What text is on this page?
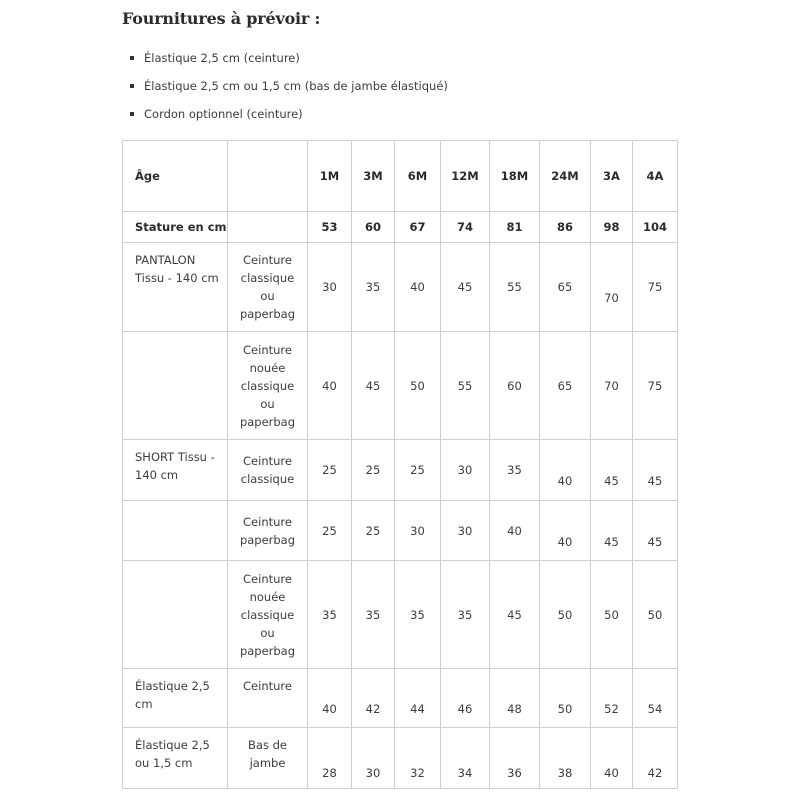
Fournitures à prévoir :
Élastique 2,5 cm (ceinture)
Élastique 2,5 cm ou 1,5 cm (bas de jambe élastiqué)
Cordon optionnel (ceinture)
Âge		1M	3M	6M	12M	18M	24M	3A	4A
Stature en cm		53	60	67	74	81	86	98	104
PANTALON Tissu - 140 cm	Ceinture classique ou paperbag	30	35	40	45	55	65	70	75
	Ceinture nouée classique ou paperbag	40	45	50	55	60	65	70	75
SHORT Tissu - 140 cm	Ceinture classique	25	25	25	30	35	40	45	45

	Ceinture paperbag	25	25	30	30	40	40	45	45

	Ceinture nouée classique ou paperbag	35	35	35	35	45	50	50	50
Élastique 2,5 cm	Ceinture	40	42	44	46	48	50	52	54

Élastique 2,5 ou 1,5 cm	Bas de jambe	28	30	32	34	36	38	40	42
